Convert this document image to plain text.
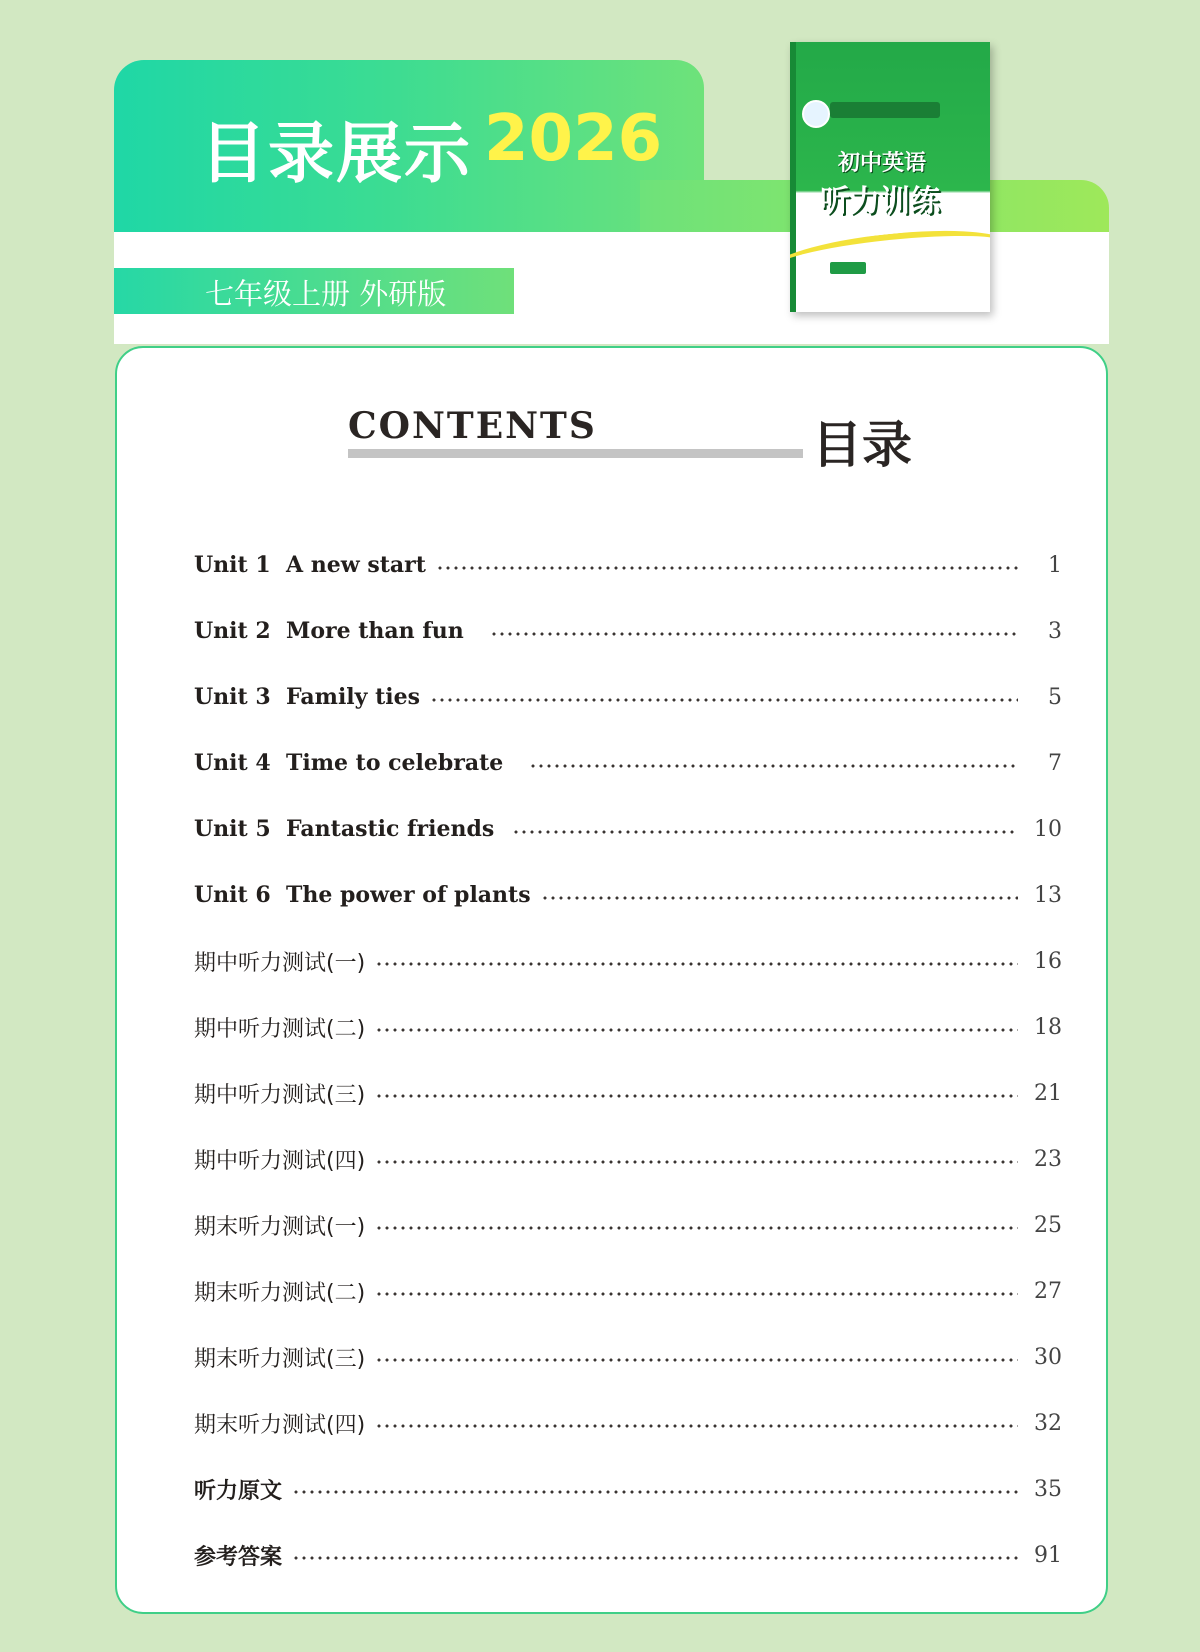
目录展示 2026
七年级上册 外研版
初中英语
听力训练
CONTENTS	目录
Unit 1 A new start	1
Unit 2 More than fun	3
Unit 3 Family ties	5
Unit 4 Time to celebrate	7
Unit 5 Fantastic friends	10
Unit 6 The power of plants	13
期中听力测试(一)	16
期中听力测试(二)	18
期中听力测试(三)	21
期中听力测试(四)	23
期末听力测试(一)	25
期末听力测试(二)	27
期末听力测试(三)	30
期末听力测试(四)	32
听力原文	35
参考答案	91
